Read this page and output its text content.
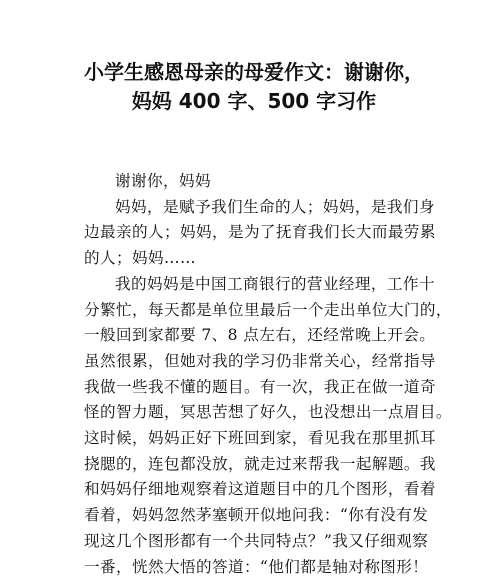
小学生感恩母亲的母爱作文：谢谢你，
妈妈 400 字、500 字习作
谢谢你，妈妈
妈妈，是赋予我们生命的人；妈妈，是我们身
边最亲的人；妈妈，是为了抚育我们长大而最劳累
的人；妈妈……
我的妈妈是中国工商银行的营业经理，工作十
分繁忙，每天都是单位里最后一个走出单位大门的，
一般回到家都要 7、8 点左右，还经常晚上开会。
虽然很累，但她对我的学习仍非常关心，经常指导
我做一些我不懂的题目。有一次，我正在做一道奇
怪的智力题，冥思苦想了好久，也没想出一点眉目。
这时候，妈妈正好下班回到家，看见我在那里抓耳
挠腮的，连包都没放，就走过来帮我一起解题。我
和妈妈仔细地观察着这道题目中的几个图形，看着
看着，妈妈忽然茅塞顿开似地问我：“你有没有发
现这几个图形都有一个共同特点？”我又仔细观察
一番，恍然大悟的答道：“他们都是轴对称图形！
